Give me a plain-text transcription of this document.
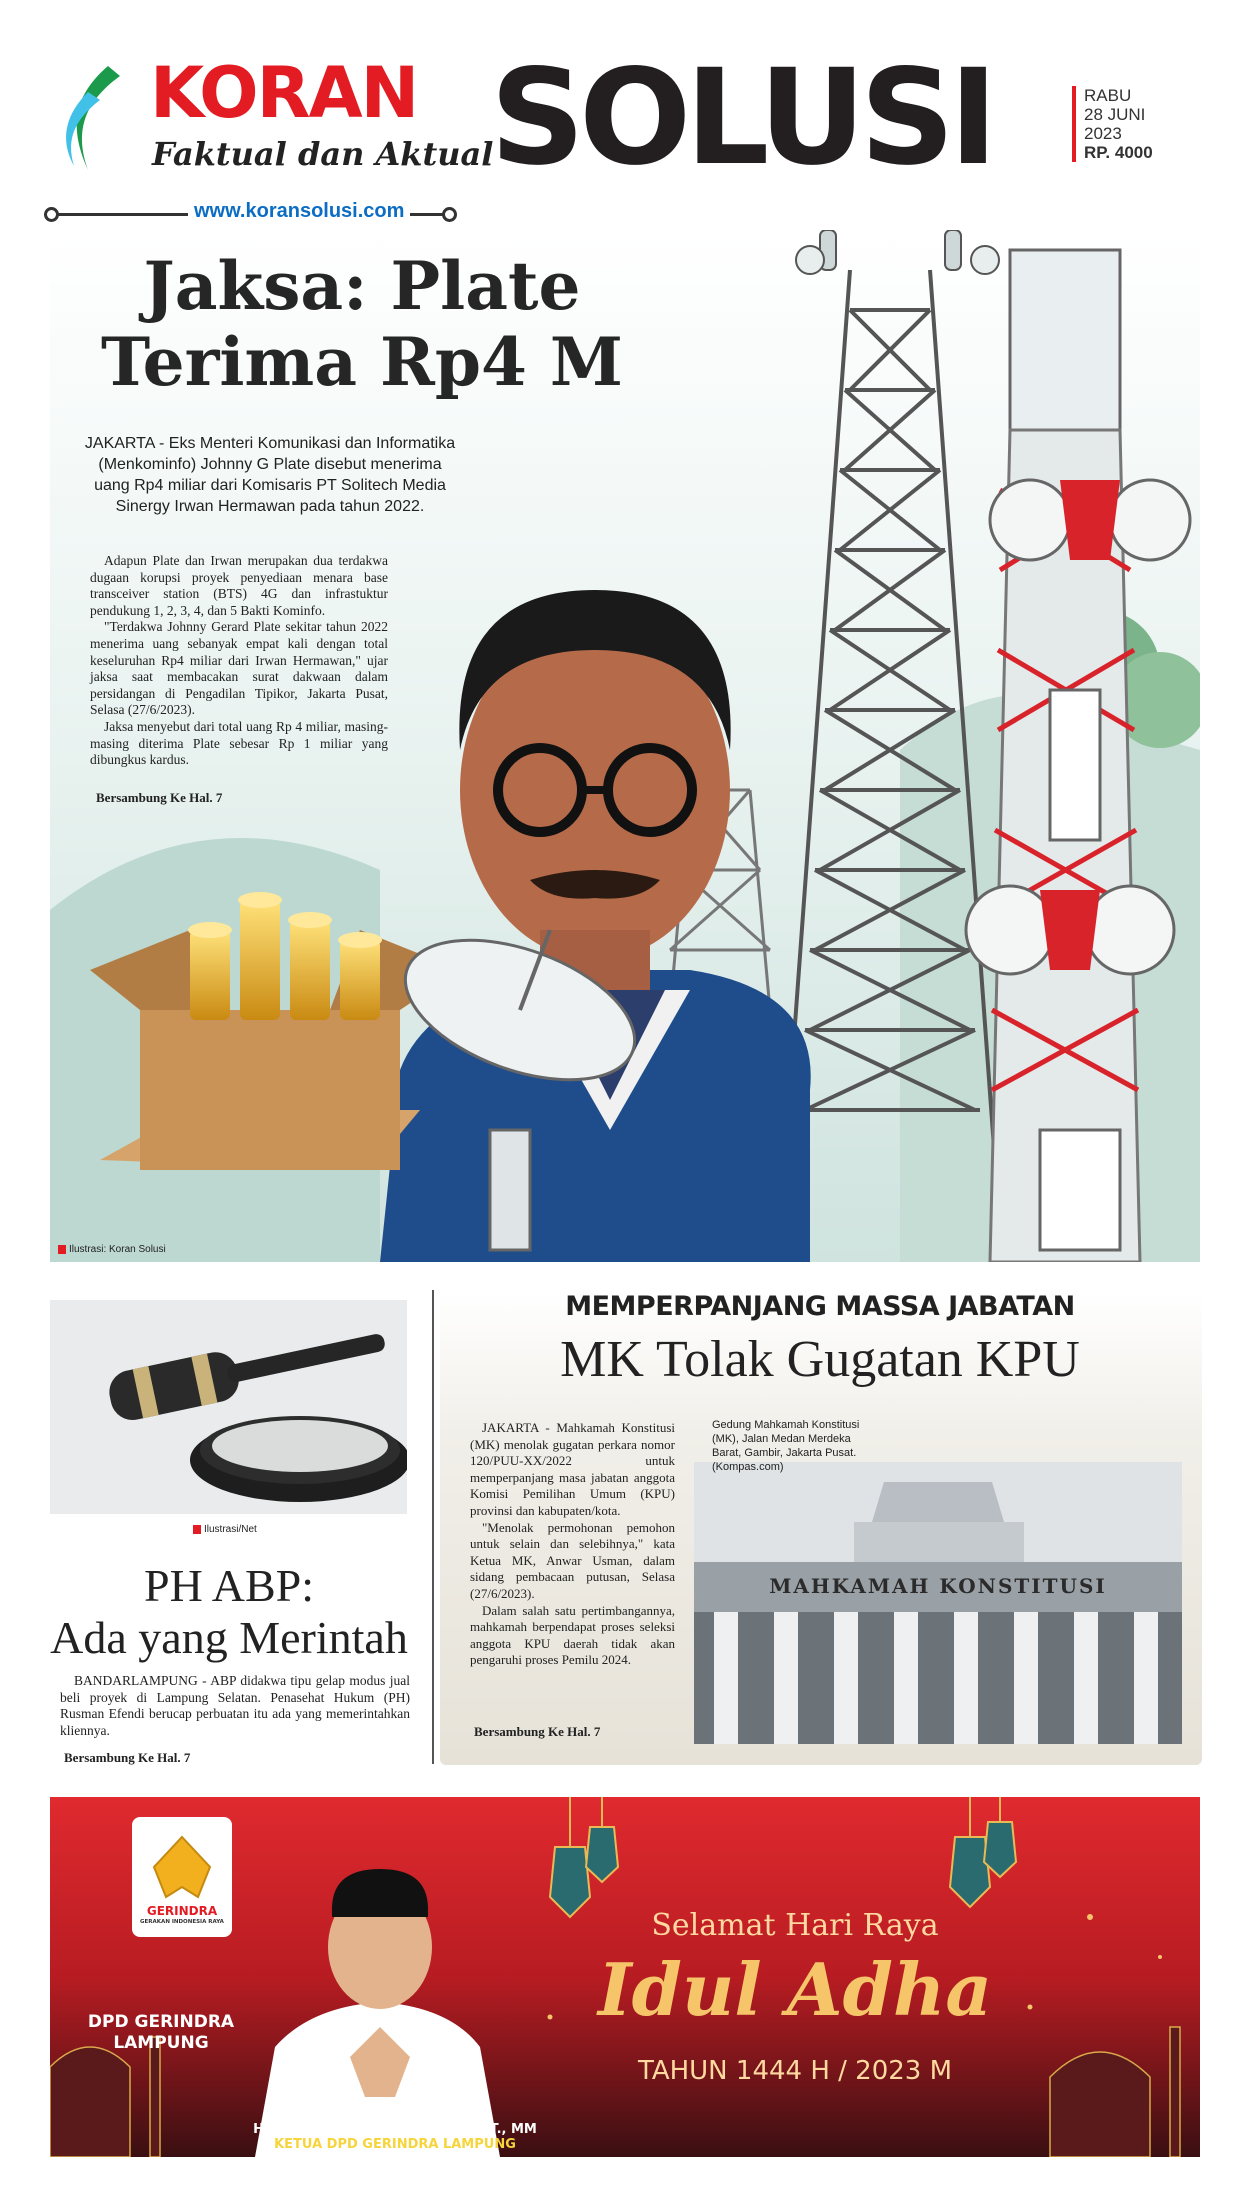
KORAN
Faktual dan Aktual
SOLUSI	RABU
28 JUNI
2023
RP. 4000
www.koransolusi.com
Ilustrasi: Koran Solusi
Jaksa: Plate
Terima Rp4 M
JAKARTA - Eks Menteri Komunikasi dan Informatika (Menkominfo) Johnny G Plate disebut menerima uang Rp4 miliar dari Komisaris PT Solitech Media Sinergy Irwan Hermawan pada tahun 2022.

Adapun Plate dan Irwan merupakan dua terdakwa dugaan korupsi proyek penyediaan menara base transceiver station (BTS) 4G dan infrastuktur pendukung 1, 2, 3, 4, dan 5 Bakti Kominfo.

"Terdakwa Johnny Gerard Plate sekitar tahun 2022 menerima uang sebanyak empat kali dengan total keseluruhan Rp4 miliar dari Irwan Hermawan," ujar jaksa saat membacakan surat dakwaan dalam persidangan di Pengadilan Tipikor, Jakarta Pusat, Selasa (27/6/2023).

Jaksa menyebut dari total uang Rp 4 miliar, masing-masing diterima Plate sebesar Rp 1 miliar yang dibungkus kardus.

Bersambung Ke Hal. 7
Ilustrasi/Net
PH ABP:
Ada yang Merintah
BANDARLAMPUNG - ABP didakwa tipu gelap modus jual beli proyek di Lampung Selatan. Penasehat Hukum (PH) Rusman Efendi berucap perbuatan itu ada yang memerintahkan kliennya.
Bersambung Ke Hal. 7
MEMPERPANJANG MASSA JABATAN
MK Tolak Gugatan KPU

JAKARTA - Mahkamah Konstitusi (MK) menolak gugatan perkara nomor 120/PUU-XX/2022 untuk memperpanjang masa jabatan anggota Komisi Pemilihan Umum (KPU) provinsi dan kabupaten/kota.

"Menolak permohonan pemohon untuk selain dan selebihnya," kata Ketua MK, Anwar Usman, dalam sidang pembacaan putusan, Selasa (27/6/2023).

Dalam salah satu pertimbangannya, mahkamah berpendapat proses seleksi anggota KPU daerah tidak akan pengaruhi proses Pemilu 2024.

Bersambung Ke Hal. 7
MAHKAMAH KONSTITUSI
Gedung Mahkamah Konstitusi (MK), Jalan Medan Merdeka Barat, Gambir, Jakarta Pusat. (Kompas.com)
GERINDRA
GERAKAN INDONESIA RAYA
DPD GERINDRA LAMPUNG
Selamat Hari Raya
Idul Adha
TAHUN 1444 H / 2023 M
H. RAHMAT MIRZANI DJAUSAL, ST., MM
KETUA DPD GERINDRA LAMPUNG
